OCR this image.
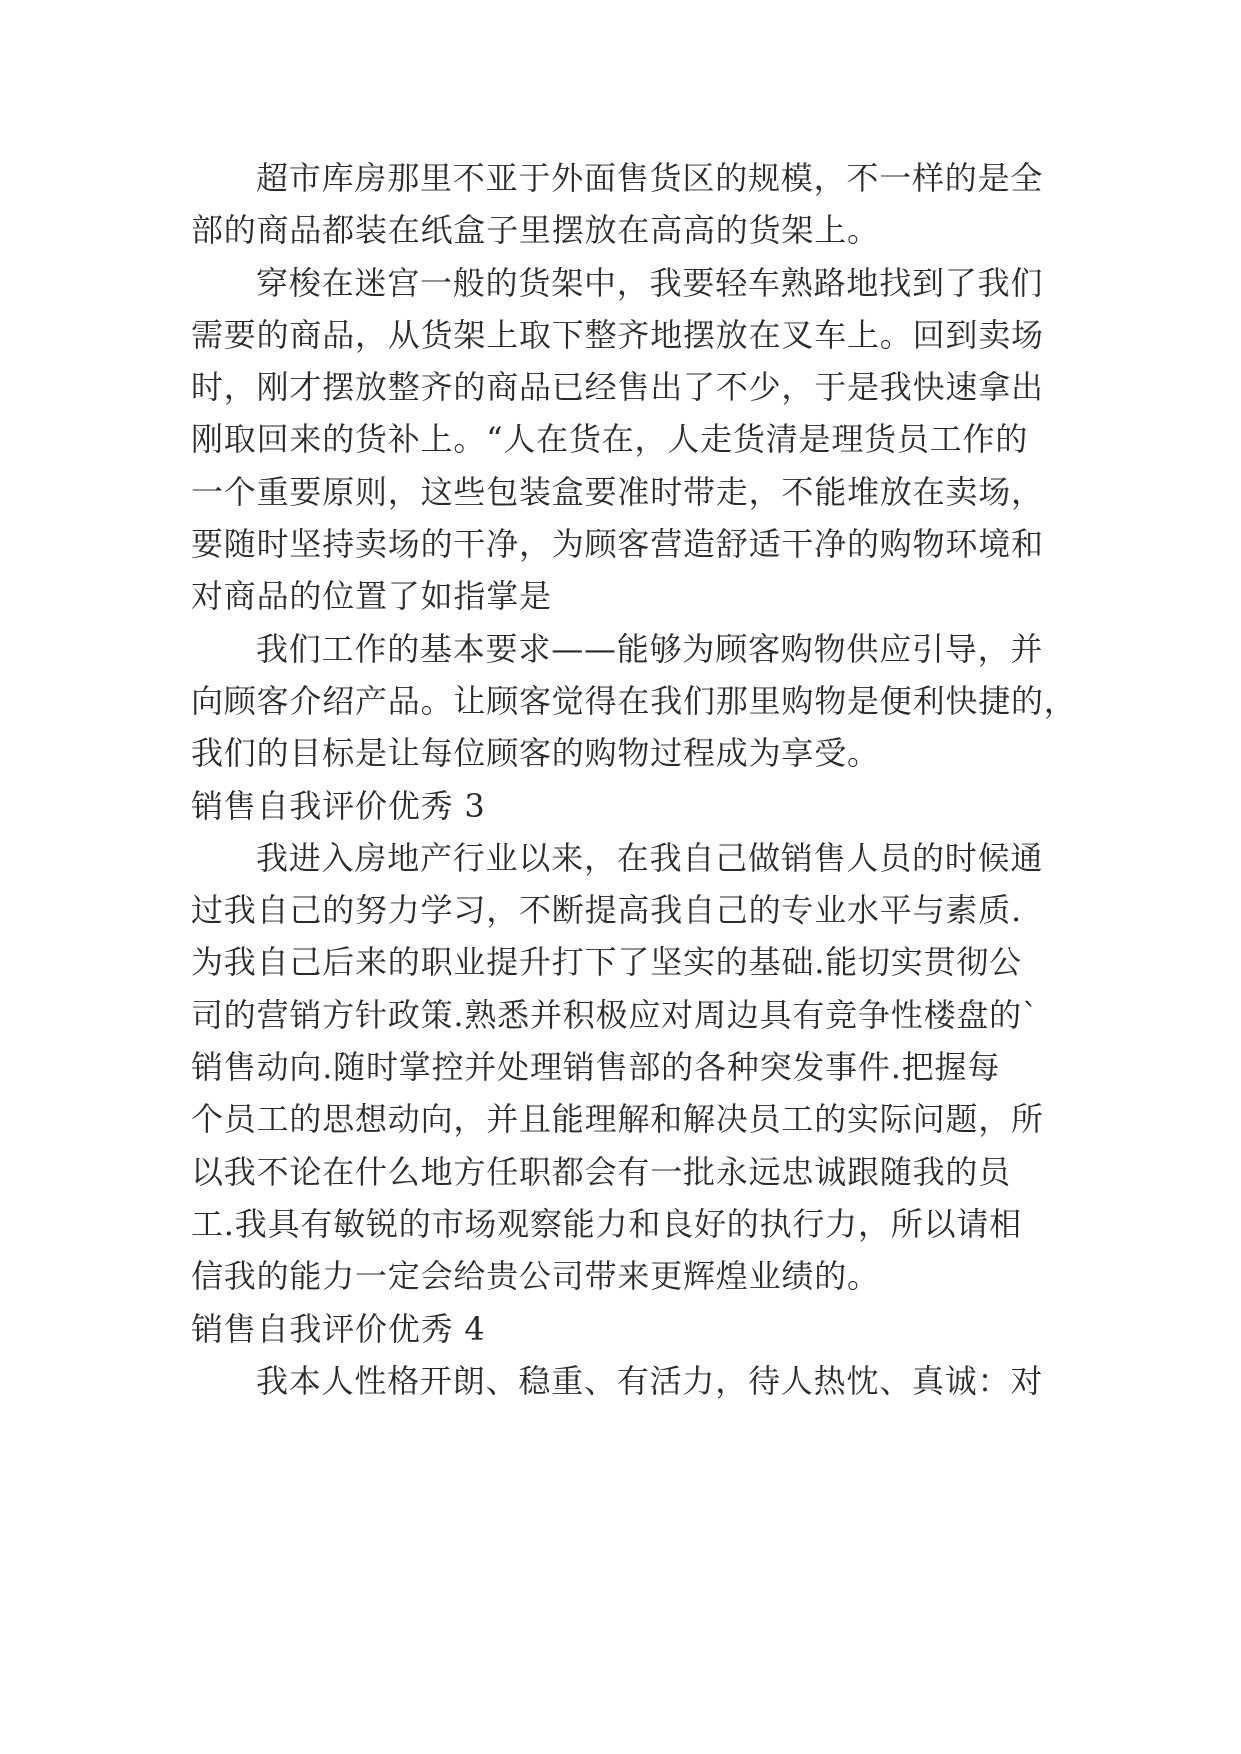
超市库房那里不亚于外面售货区的规模，不一样的是全
部的商品都装在纸盒子里摆放在高高的货架上。
穿梭在迷宫一般的货架中，我要轻车熟路地找到了我们
需要的商品，从货架上取下整齐地摆放在叉车上。回到卖场
时，刚才摆放整齐的商品已经售出了不少，于是我快速拿出
刚取回来的货补上。“人在货在，人走货清是理货员工作的
一个重要原则，这些包装盒要准时带走，不能堆放在卖场，
要随时坚持卖场的干净，为顾客营造舒适干净的购物环境和
对商品的位置了如指掌是
我们工作的基本要求——能够为顾客购物供应引导，并
向顾客介绍产品。让顾客觉得在我们那里购物是便利快捷的，
我们的目标是让每位顾客的购物过程成为享受。
销售自我评价优秀 3
我进入房地产行业以来，在我自己做销售人员的时候通
过我自己的努力学习，不断提高我自己的专业水平与素质.
为我自己后来的职业提升打下了坚实的基础.能切实贯彻公
司的营销方针政策.熟悉并积极应对周边具有竞争性楼盘的`
销售动向.随时掌控并处理销售部的各种突发事件.把握每
个员工的思想动向，并且能理解和解决员工的实际问题，所
以我不论在什么地方任职都会有一批永远忠诚跟随我的员
工.我具有敏锐的市场观察能力和良好的执行力，所以请相
信我的能力一定会给贵公司带来更辉煌业绩的。
销售自我评价优秀 4
我本人性格开朗、稳重、有活力，待人热忱、真诚：对
